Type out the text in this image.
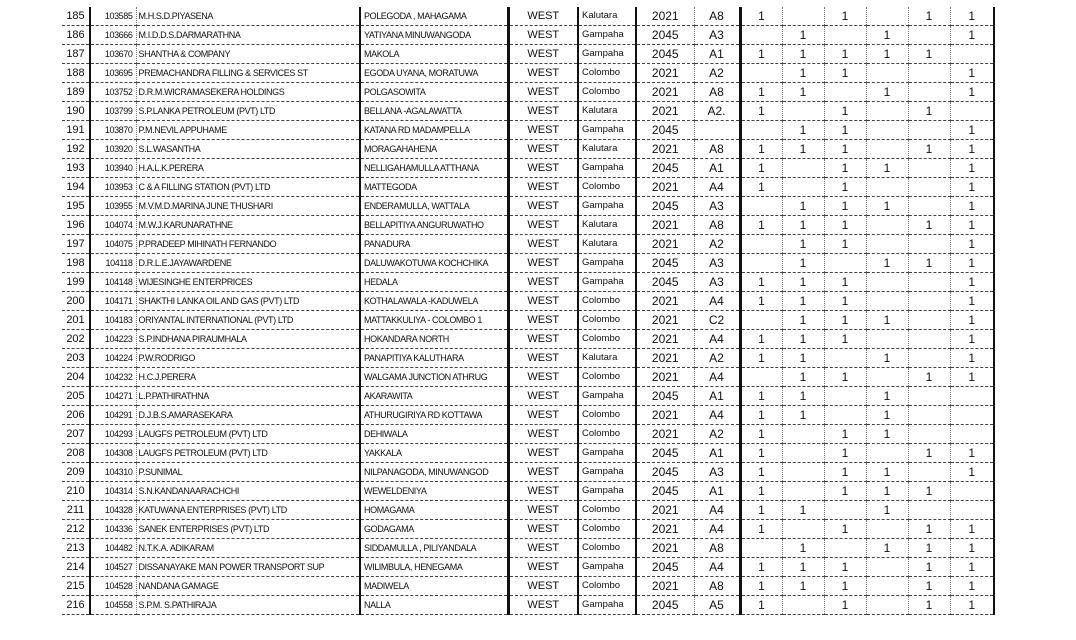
185	103585	M.H.S.D.PIYASENA	POLEGODA , MAHAGAMA	WEST	Kalutara	2021	A8	1		1		1	1
186	103666	M.I.D.D.S.DARMARATHNA	YATIYANA MINUWANGODA	WEST	Gampaha	2045	A3		1		1		1
187	103670	SHANTHA & COMPANY	MAKOLA	WEST	Gampaha	2045	A1	1	1	1	1	1	
188	103695	PREMACHANDRA FILLING & SERVICES ST	EGODA UYANA, MORATUWA	WEST	Colombo	2021	A2		1	1			1
189	103752	D.R.M.WICRAMASEKERA HOLDINGS	POLGASOWITA	WEST	Colombo	2021	A8	1	1		1		1
190	103799	S.P.LANKA PETROLEUM (PVT) LTD	BELLANA -AGALAWATTA	WEST	Kalutara	2021	A2.	1		1		1	
191	103870	P.M.NEVIL APPUHAME	KATANA RD MADAMPELLA	WEST	Gampaha	2045			1	1			1
192	103920	S.L.WASANTHA	MORAGAHAHENA	WEST	Kalutara	2021	A8	1	1	1		1	1
193	103940	H.A.L.K.PERERA	NELLIGAHAMULLA ATTHANA	WEST	Gampaha	2045	A1	1		1	1		1
194	103953	C & A FILLING STATION (PVT) LTD	MATTEGODA	WEST	Colombo	2021	A4	1		1			1
195	103955	M.V.M.D.MARINA JUNE THUSHARI	ENDERAMULLA, WATTALA	WEST	Gampaha	2045	A3		1	1	1		1
196	104074	M.W.J.KARUNARATHNE	BELLAPITIYA ANGURUWATHO	WEST	Kalutara	2021	A8	1	1	1		1	1
197	104075	P.PRADEEP MIHINATH FERNANDO	PANADURA	WEST	Kalutara	2021	A2		1	1			1
198	104118	D.R.L.E.JAYAWARDENE	DALUWAKOTUWA KOCHCHIKA	WEST	Gampaha	2045	A3		1		1	1	1
199	104148	WIJESINGHE ENTERPRICES	HEDALA	WEST	Gampaha	2045	A3	1	1	1			1
200	104171	SHAKTHI LANKA OIL AND GAS (PVT) LTD	KOTHALAWALA -KADUWELA	WEST	Colombo	2021	A4	1	1	1			1
201	104183	ORIYANTAL INTERNATIONAL (PVT) LTD	MATTAKKULIYA - COLOMBO 1	WEST	Colombo	2021	C2		1	1	1		1
202	104223	S.P.INDHANA PIRAUMHALA	HOKANDARA NORTH	WEST	Colombo	2021	A4	1	1	1			1
203	104224	P.W.RODRIGO	PANAPITIYA KALUTHARA	WEST	Kalutara	2021	A2	1	1		1		1
204	104232	H.C.J.PERERA	WALGAMA JUNCTION ATHRUG	WEST	Colombo	2021	A4		1	1		1	1
205	104271	L.P.PATHIRATHNA	AKARAWITA	WEST	Gampaha	2045	A1	1	1		1		
206	104291	D.J.B.S.AMARASEKARA	ATHURUGIRIYA RD KOTTAWA	WEST	Colombo	2021	A4	1	1		1		
207	104293	LAUGFS PETROLEUM (PVT) LTD	DEHIWALA	WEST	Colombo	2021	A2	1		1	1		
208	104308	LAUGFS PETROLEUM (PVT) LTD	YAKKALA	WEST	Gampaha	2045	A1	1		1		1	1
209	104310	P.SUNIMAL	NILPANAGODA, MINUWANGOD	WEST	Gampaha	2045	A3	1		1	1		1
210	104314	S.N.KANDANAARACHCHI	WEWELDENIYA	WEST	Gampaha	2045	A1	1		1	1	1	
211	104328	KATUWANA ENTERPRISES (PVT) LTD	HOMAGAMA	WEST	Colombo	2021	A4	1	1		1		
212	104336	SANEK ENTERPRISES (PVT) LTD	GODAGAMA	WEST	Colombo	2021	A4	1		1		1	1
213	104482	N.T.K.A. ADIKARAM	SIDDAMULLA , PILIYANDALA	WEST	Colombo	2021	A8		1		1	1	1
214	104527	DISSANAYAKE MAN POWER TRANSPORT SUP	WILIMBULA, HENEGAMA	WEST	Gampaha	2045	A4	1	1	1		1	1
215	104528	NANDANA GAMAGE	MADIWELA	WEST	Colombo	2021	A8	1	1	1		1	1
216	104558	S.P.M. S.PATHIRAJA	NALLA	WEST	Gampaha	2045	A5	1		1		1	1
